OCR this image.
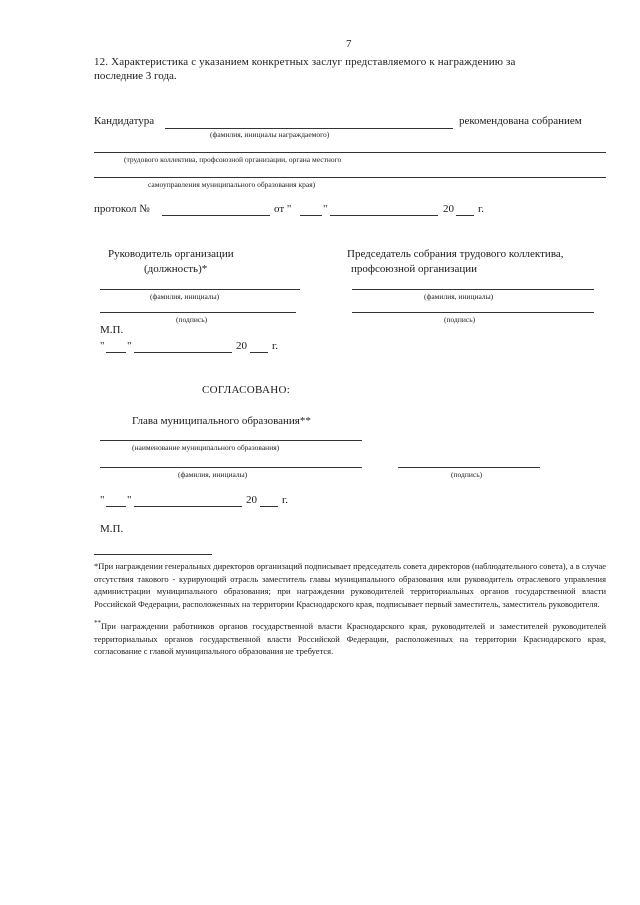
7
12. Характеристика с указанием конкретных заслуг представляемого к награждению за
последние 3 года.
Кандидатура	рекомендована собранием
(фамилия, инициалы награждаемого)
(трудового коллектива, профсоюзной организации, органа местного
самоуправления муниципального образования края)
протокол №	от "	"	20 г.
Руководитель организации
(должность)*
Председатель собрания трудового коллектива,
профсоюзной организации
(фамилия, инициалы)
(подпись)
(фамилия, инициалы)
(подпись)
М.П.
" "	20 г.
СОГЛАСОВАНО:
Глава муниципального образования**
(наименование муниципального образования)
(фамилия, инициалы)	(подпись)
" "	20 г.
М.П.
*При награждении генеральных директоров организаций подписывает председатель совета директоров (наблюдательного совета), а в случае отсутствия такового - курирующий отрасль заместитель главы муниципального образования или руководитель отраслевого управления администрации муниципального образования; при награждении руководителей территориальных органов государственной власти Российской Федерации, расположенных на территории Краснодарского края, подписывает первый заместитель, заместитель руководителя.
**При награждении работников органов государственной власти Краснодарского края, руководителей и заместителей руководителей территориальных органов государственной власти Российской Федерации, расположенных на территории Краснодарского края, согласование с главой муниципального образования не требуется.
